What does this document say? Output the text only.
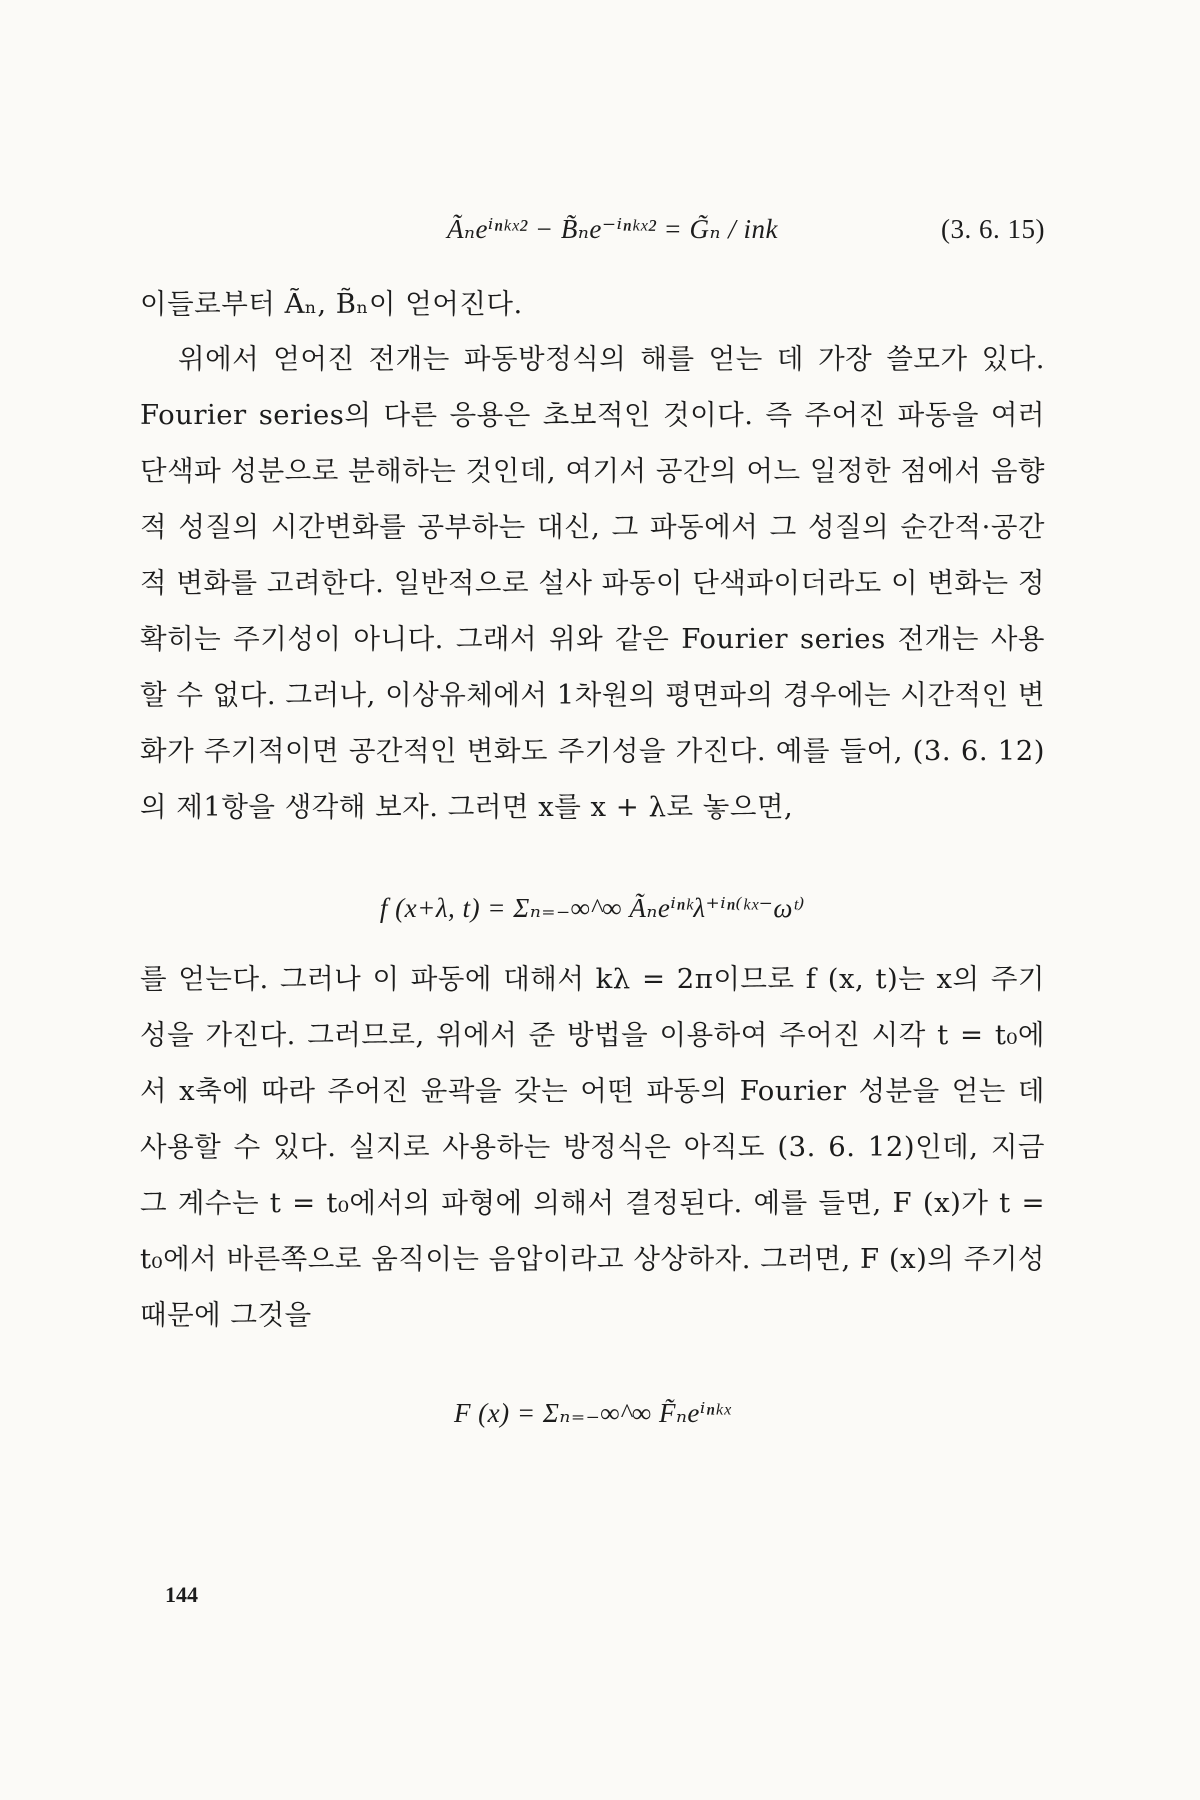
Ãₙeⁱⁿᵏˣ² − B̃ₙe⁻ⁱⁿᵏˣ² = G̃ₙ / ink	(3. 6. 15)
이들로부터 Ãₙ, B̃ₙ이 얻어진다.
위에서 얻어진 전개는 파동방정식의 해를 얻는 데 가장 쓸모가 있다. Fourier series의 다른 응용은 초보적인 것이다. 즉 주어진 파동을 여러 단색파 성분으로 분해하는 것인데, 여기서 공간의 어느 일정한 점에서 음향적 성질의 시간변화를 공부하는 대신, 그 파동에서 그 성질의 순간적·공간적 변화를 고려한다. 일반적으로 설사 파동이 단색파이더라도 이 변화는 정확히는 주기성이 아니다. 그래서 위와 같은 Fourier series 전개는 사용할 수 없다. 그러나, 이상유체에서 1차원의 평면파의 경우에는 시간적인 변화가 주기적이면 공간적인 변화도 주기성을 가진다. 예를 들어, (3. 6. 12)의 제1항을 생각해 보자. 그러면 x를 x + λ로 놓으면,
f (x+λ, t) = Σₙ₌₋∞^∞ Ãₙeⁱⁿᵏλ⁺ⁱⁿ⁽ᵏˣ⁻ωᵗ⁾
를 얻는다. 그러나 이 파동에 대해서 kλ = 2π이므로 f (x, t)는 x의 주기성을 가진다. 그러므로, 위에서 준 방법을 이용하여 주어진 시각 t = t₀에서 x축에 따라 주어진 윤곽을 갖는 어떤 파동의 Fourier 성분을 얻는 데 사용할 수 있다. 실지로 사용하는 방정식은 아직도 (3. 6. 12)인데, 지금 그 계수는 t = t₀에서의 파형에 의해서 결정된다. 예를 들면, F (x)가 t = t₀에서 바른쪽으로 움직이는 음압이라고 상상하자. 그러면, F (x)의 주기성 때문에 그것을
F (x) = Σₙ₌₋∞^∞ F̃ₙeⁱⁿᵏˣ
144
